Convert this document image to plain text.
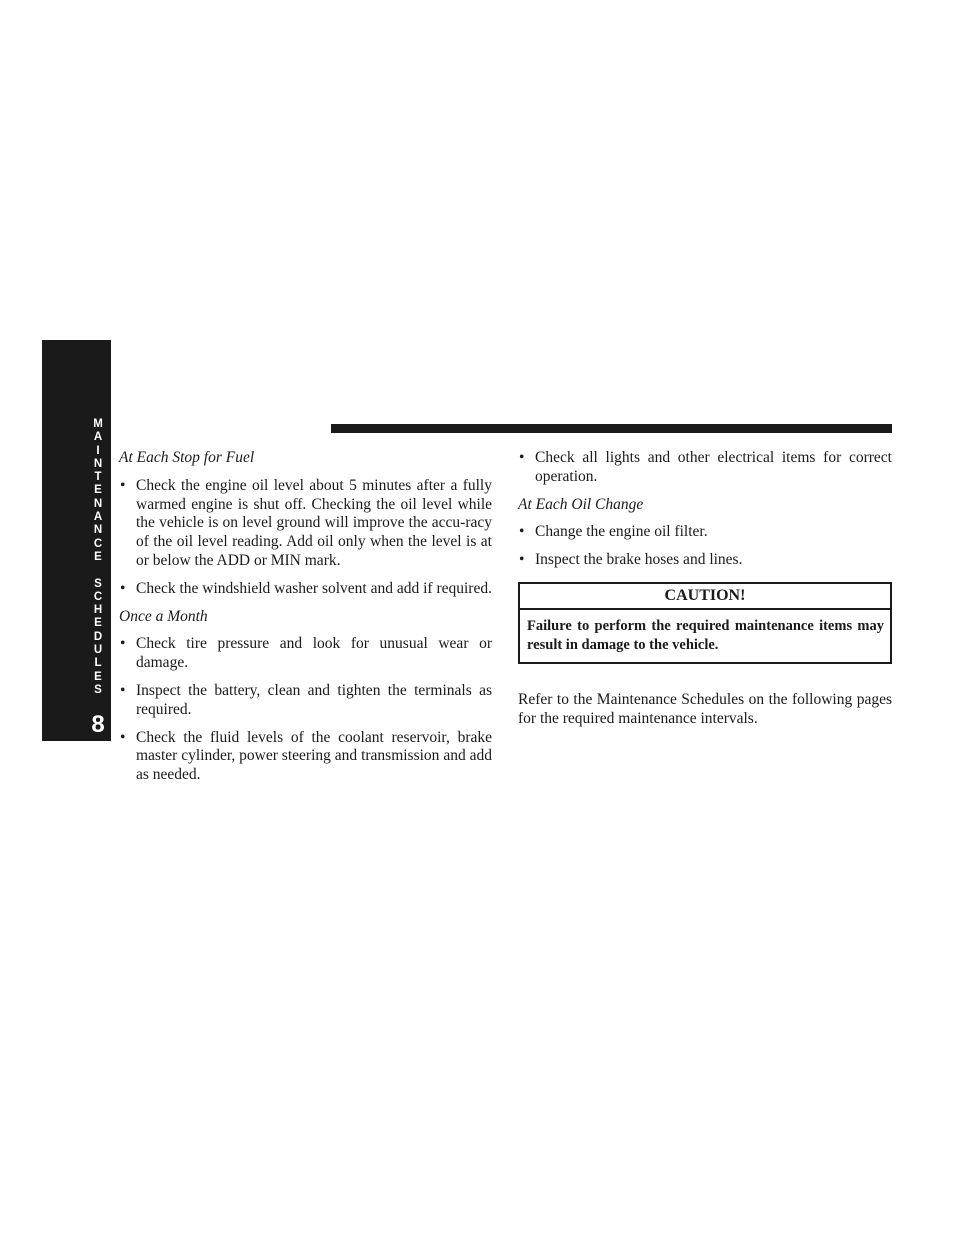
M
A
I
N
T
E
N
A
N
C
E
S
C
H
E
D
U
L
E
S
8
At Each Stop for Fuel
• Check the engine oil level about 5 minutes after a fully warmed engine is shut off. Checking the oil level while the vehicle is on level ground will improve the accu-racy of the oil level reading. Add oil only when the level is at or below the ADD or MIN mark.
• Check the windshield washer solvent and add if required.
Once a Month
• Check tire pressure and look for unusual wear or damage.
• Inspect the battery, clean and tighten the terminals as required.
• Check the fluid levels of the coolant reservoir, brake master cylinder, power steering and transmission and add as needed.
• Check all lights and other electrical items for correct operation.
At Each Oil Change
• Change the engine oil filter.
• Inspect the brake hoses and lines.
CAUTION!
Failure to perform the required maintenance items may result in damage to the vehicle.
Refer to the Maintenance Schedules on the following pages for the required maintenance intervals.
